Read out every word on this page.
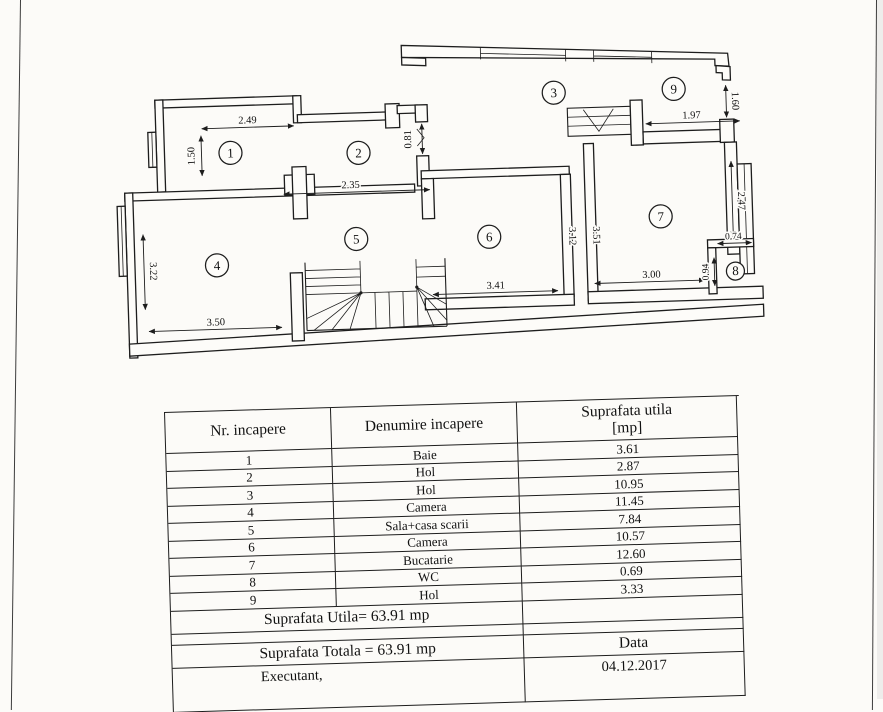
2.49
1.50
0.81
2.35
3.22
3.50
3.41
3.12 3.51
1.60
1.97
2.47
3.00
0.74
0.94
1	2
3
4
5	6
7
8
9
Nr. incapere	Denumire incapere
Suprafata utila
[mp]
1	Baie	3.61
2	Hol	2.87
3	Hol	10.95
4	Camera	11.45
5	Sala+casa scarii	7.84
6	Camera	10.57
7	Bucatarie	12.60
8	WC	0.69
9	Hol	3.33
Suprafata Utila= 63.91 mp
Suprafata Totala = 63.91 mp	Data
Executant,
04.12.2017
